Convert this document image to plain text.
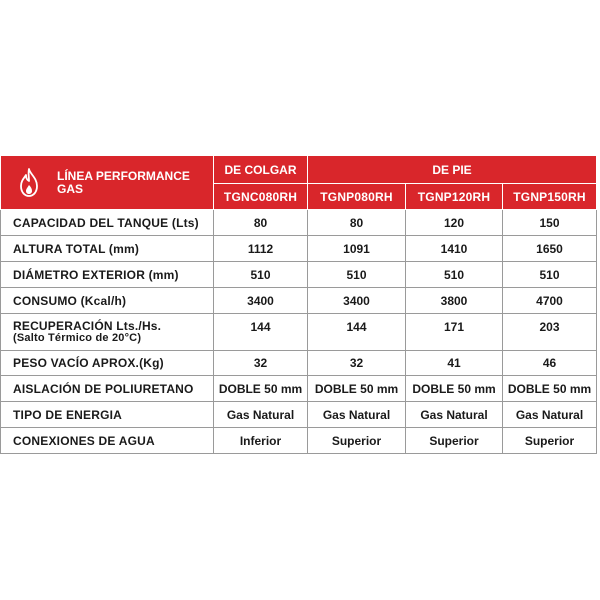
LÍNEA PERFORMANCE
GAS	DE COLGAR	DE PIE		
	TGNC080RH	TGNP080RH	TGNP120RH	TGNP150RH
CAPACIDAD DEL TANQUE (Lts)	80	80	120	150
ALTURA TOTAL (mm)	1112	1091	1410	1650
DIÁMETRO EXTERIOR (mm)	510	510	510	510
CONSUMO (Kcal/h)	3400	3400	3800	4700

RECUPERACIÓN Lts./Hs.
(Salto Térmico de 20°C)	144	144	171	203
PESO VACÍO APROX.(Kg)	32	32	41	46
AISLACIÓN DE POLIURETANO	DOBLE 50 mm	DOBLE 50 mm	DOBLE 50 mm	DOBLE 50 mm
TIPO DE ENERGIA	Gas Natural	Gas Natural	Gas Natural	Gas Natural
CONEXIONES DE AGUA	Inferior	Superior	Superior	Superior
